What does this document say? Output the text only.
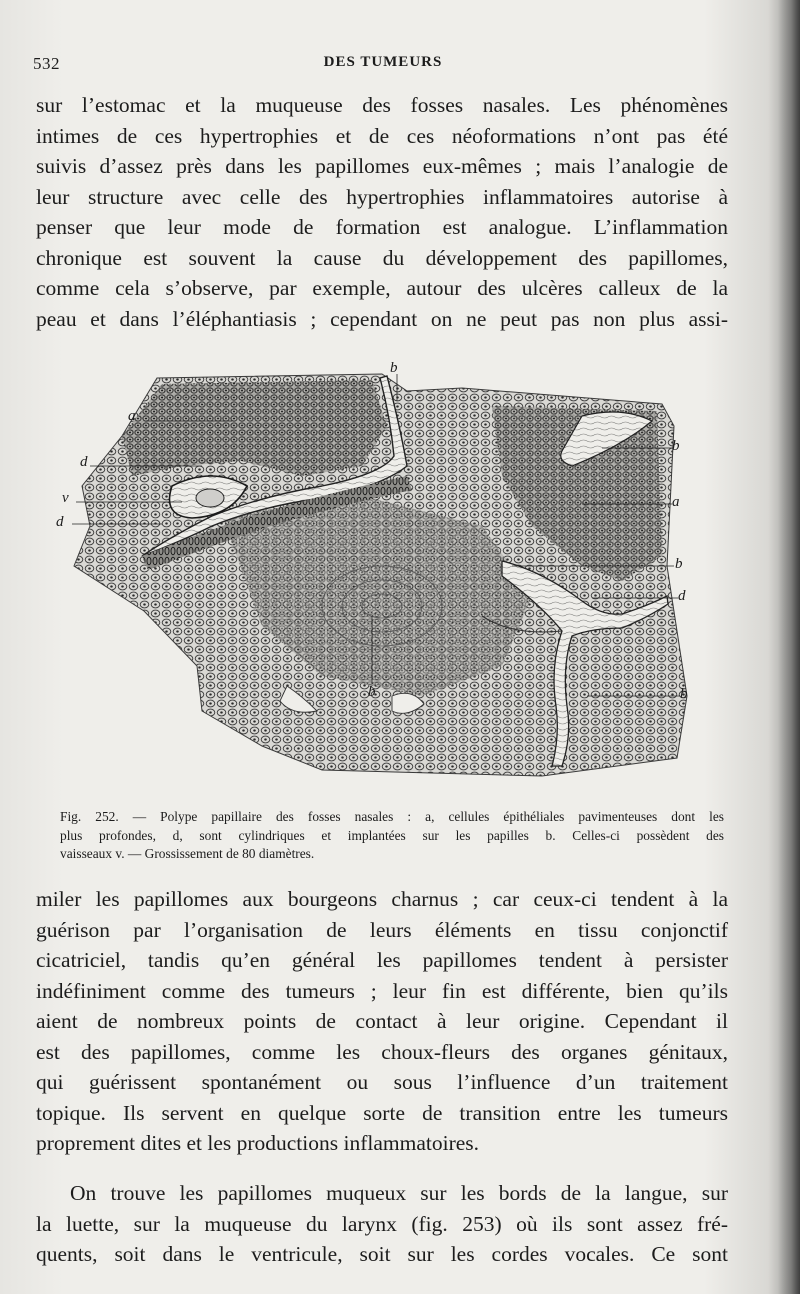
532	DES TUMEURS
sur l’estomac et la muqueuse des fosses nasales. Les phénomènes
intimes de ces hypertrophies et de ces néoformations n’ont pas été
suivis d’assez près dans les papillomes eux-mêmes ; mais l’analogie de
leur structure avec celle des hypertrophies inflammatoires autorise à
penser que leur mode de formation est analogue. L’inflammation
chronique est souvent la cause du développement des papillomes,
comme cela s’observe, par exemple, autour des ulcères calleux de la
peau et dans l’éléphantiasis ; cependant on ne peut pas non plus assi-
a
d
v
d
b
b
a
b
d
b	b
Fig. 252. — Polype papillaire des fosses nasales : a, cellules épithéliales pavimenteuses dont les
plus profondes, d, sont cylindriques et implantées sur les papilles b. Celles-ci possèdent des
vaisseaux v. — Grossissement de 80 diamètres.
miler les papillomes aux bourgeons charnus ; car ceux-ci tendent à la
guérison par l’organisation de leurs éléments en tissu conjonctif
cicatriciel, tandis qu’en général les papillomes tendent à persister
indéfiniment comme des tumeurs ; leur fin est différente, bien qu’ils
aient de nombreux points de contact à leur origine. Cependant il
est des papillomes, comme les choux-fleurs des organes génitaux,
qui guérissent spontanément ou sous l’influence d’un traitement
topique. Ils servent en quelque sorte de transition entre les tumeurs
proprement dites et les productions inflammatoires.
On trouve les papillomes muqueux sur les bords de la langue, sur
la luette, sur la muqueuse du larynx (fig. 253) où ils sont assez fré-
quents, soit dans le ventricule, soit sur les cordes vocales. Ce sont
